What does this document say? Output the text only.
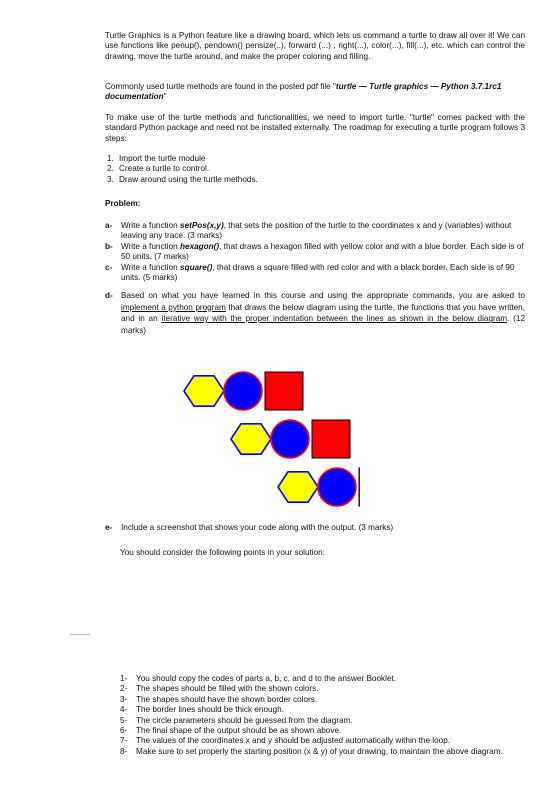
Turtle Graphics is a Python feature like a drawing board, which lets us command a turtle to draw all over it! We can use functions like penup(), pendown() pensize(..), forward (...) , right(...), color(...), fill(...), etc. which can control the drawing, move the turtle around, and make the proper coloring and filling.

Commonly used turtle methods are found in the posted pdf file "turtle — Turtle graphics — Python 3.7.1rc1 documentation"

To make use of the turtle methods and functionalities, we need to import turtle. "turtle" comes packed with the standard Python package and need not be installed externally. The roadmap for executing a turtle program follows 3 steps:

1. Import the turtle module
2. Create a turtle to control.
3. Draw around using the turtle methods.
Problem:
a- Write a function setPos(x,y), that sets the position of the turtle to the coordinates x and y (variables) without leaving any trace. (3 marks)
b- Write a function hexagon(), that draws a hexagon filled with yellow color and with a blue border. Each side is of 50 units. (7 marks)
c- Write a function square(), that draws a square filled with red color and with a black border. Each side is of 90 units. (5 marks)
d- Based on what you have learned in this course and using the appropriate commands, you are asked to implement a python program that draws the below diagram using the turtle, the functions that you have written, and in an iterative way with the proper indentation between the lines as shown in the below diagram. (12 marks)
e- Include a screenshot that shows your code along with the output. (3 marks)
You should consider the following points in your solution:
1- You should copy the codes of parts a, b, c, and d to the answer Booklet.
2- The shapes should be filled with the shown colors.
3- The shapes should have the shown border colors.
4- The border lines should be thick enough.
5- The circle parameters should be guessed from the diagram.
6- The final shape of the output should be as shown above.
7- The values of the coordinates x and y should be adjusted automatically within the loop.
8- Make sure to set properly the starting position (x & y) of your drawing, to maintain the above diagram.
